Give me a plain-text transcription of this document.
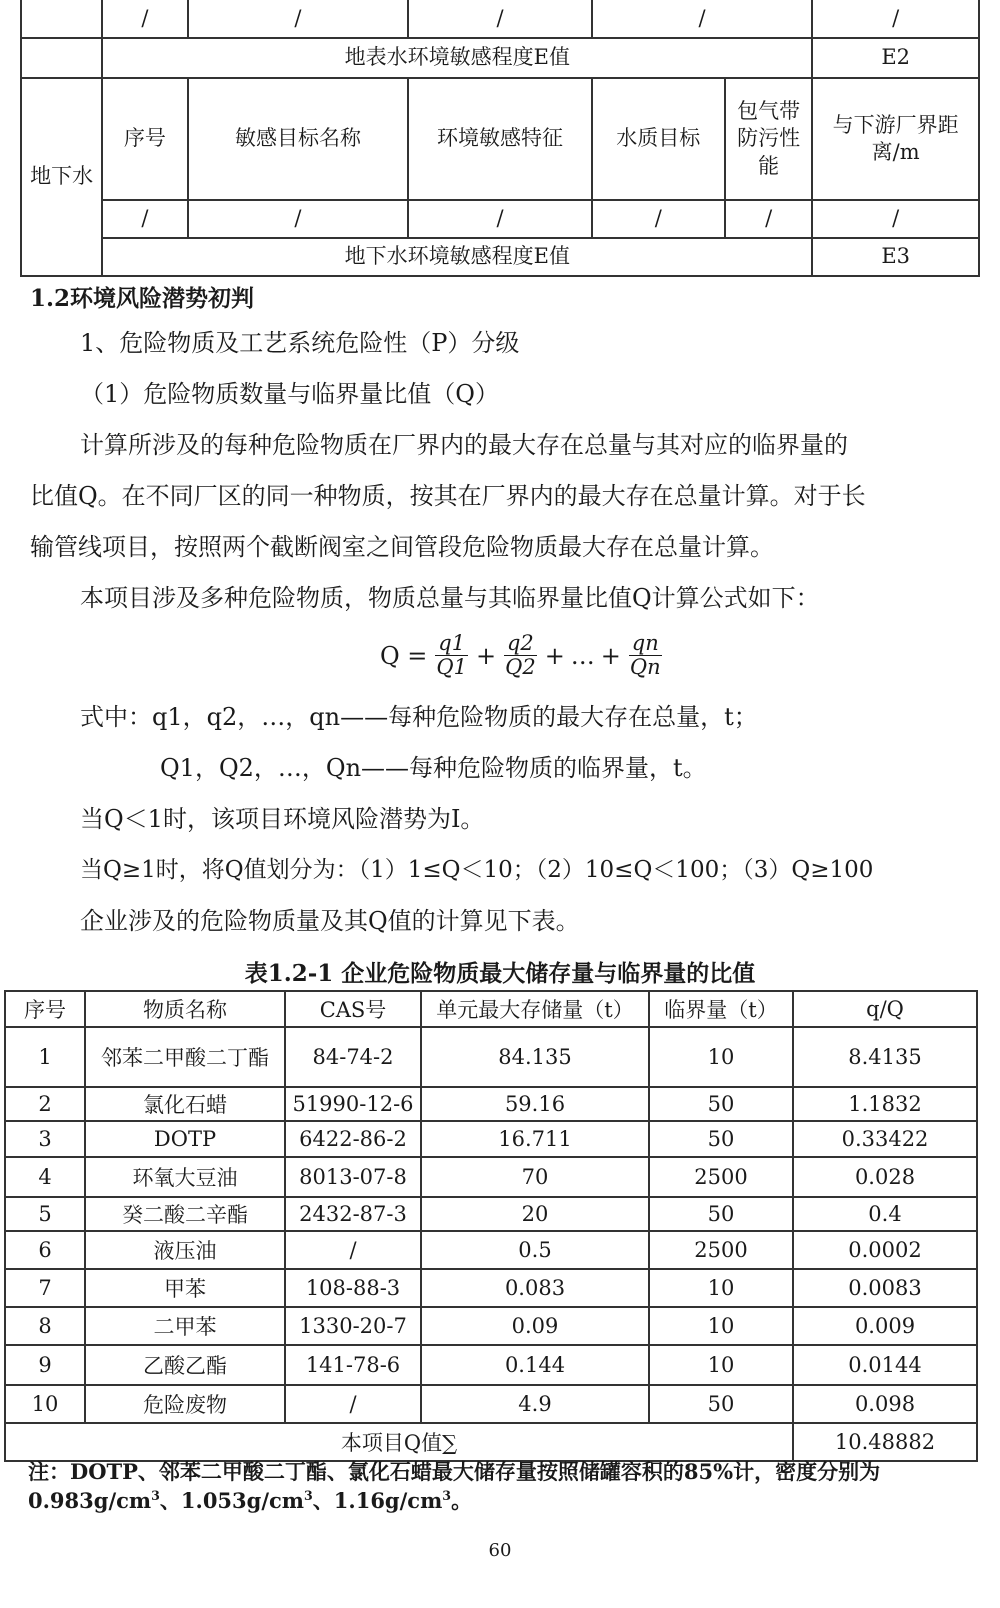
	/	/	/	/		/
	地表水环境敏感程度E值					E2
地下水	序号	敏感目标名称	环境敏感特征	水质目标	包气带防污性能	与下游厂界距离/m
	/	/	/	/	/	/
	地下水环境敏感程度E值					E3
1.2环境风险潜势初判

1、危险物质及工艺系统危险性（P）分级

（1）危险物质数量与临界量比值（Q）

计算所涉及的每种危险物质在厂界内的最大存在总量与其对应的临界量的

比值Q。在不同厂区的同一种物质，按其在厂界内的最大存在总量计算。对于长

输管线项目，按照两个截断阀室之间管段危险物质最大存在总量计算。

本项目涉及多种危险物质，物质总量与其临界量比值Q计算公式如下：

$Q = \frac{q1}{Q1} + \frac{q2}{Q2}$ + … + $\frac{qn}{Qn}$

式中：q1，q2，…，qn——每种危险物质的最大存在总量，t；

Q1，Q2，…，Qn——每种危险物质的临界量，t。

当Q＜1时，该项目环境风险潜势为I。

当Q≥1时，将Q值划分为：（1）1≤Q＜10；（2）10≤Q＜100；（3）Q≥100

企业涉及的危险物质量及其Q值的计算见下表。

表1.2-1 企业危险物质最大储存量与临界量的比值

序号	物质名称	CAS号	单元最大存储量（t）	临界量（t）	q/Q
1	邻苯二甲酸二丁酯	84-74-2	84.135	10	8.4135
2	氯化石蜡	51990-12-6	59.16	50	1.1832
3	DOTP	6422-86-2	16.711	50	0.33422
4	环氧大豆油	8013-07-8	70	2500	0.028
5	癸二酸二辛酯	2432-87-3	20	50	0.4
6	液压油	/	0.5	2500	0.0002
7	甲苯	108-88-3	0.083	10	0.0083
8	二甲苯	1330-20-7	0.09	10	0.009
9	乙酸乙酯	141-78-6	0.144	10	0.0144
10	危险废物	/	4.9	50	0.098
本项目Q值∑					10.48882

注：DOTP、邻苯二甲酸二丁酯、氯化石蜡最大储存量按照储罐容积的85%计，密度分别为$0.983g/cm^3$、$1.053g/cm^3$、$1.16g/cm^3$。

60
